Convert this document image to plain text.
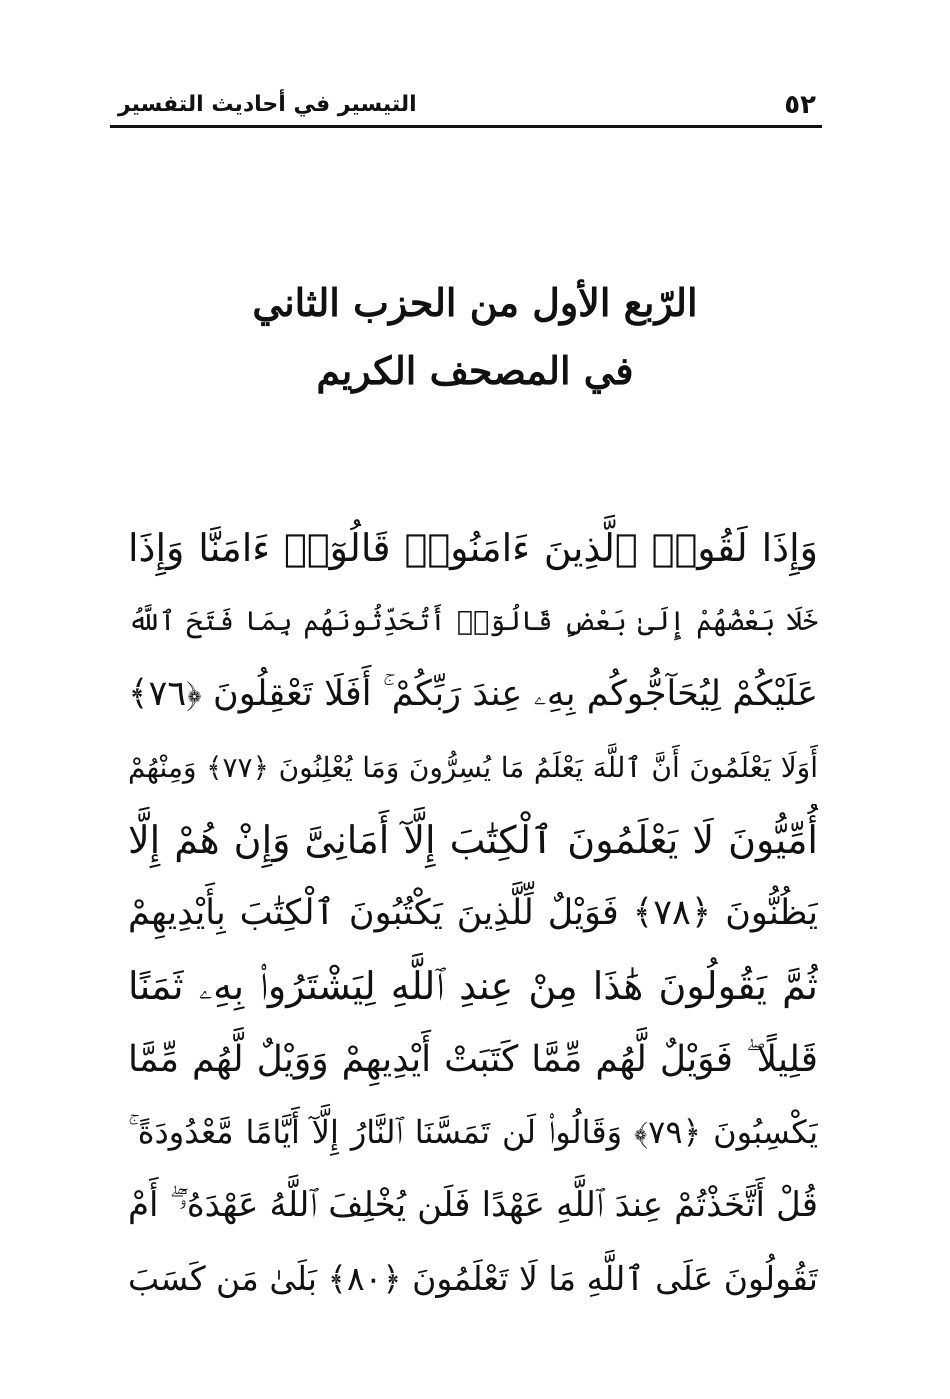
٥٢
التيسير في أحاديث التفسير
الرّبع الأول من الحزب الثاني
في المصحف الكريم
وَإِذَا لَقُوا۟ ٱلَّذِينَ ءَامَنُوا۟ قَالُوٓا۟ ءَامَنَّا وَإِذَا
خَلَا بَعْضُهُمْ إِلَىٰ بَعْضٍ قَالُوٓا۟ أَتُحَدِّثُونَهُم بِمَا فَتَحَ ٱللَّهُ
عَلَيْكُمْ لِيُحَآجُّوكُم بِهِۦ عِندَ رَبِّكُمْ ۚ أَفَلَا تَعْقِلُونَ ﴿٧٦﴾
أَوَلَا يَعْلَمُونَ أَنَّ ٱللَّهَ يَعْلَمُ مَا يُسِرُّونَ وَمَا يُعْلِنُونَ ﴿٧٧﴾ وَمِنْهُمْ
أُمِّيُّونَ لَا يَعْلَمُونَ ٱلْكِتَٰبَ إِلَّآ أَمَانِىَّ وَإِنْ هُمْ إِلَّا
يَظُنُّونَ ﴿٧٨﴾ فَوَيْلٌ لِّلَّذِينَ يَكْتُبُونَ ٱلْكِتَٰبَ بِأَيْدِيهِمْ
ثُمَّ يَقُولُونَ هَٰذَا مِنْ عِندِ ٱللَّهِ لِيَشْتَرُوا۟ بِهِۦ ثَمَنًا
قَلِيلًا ۖ فَوَيْلٌ لَّهُم مِّمَّا كَتَبَتْ أَيْدِيهِمْ وَوَيْلٌ لَّهُم مِّمَّا
يَكْسِبُونَ ﴿٧٩﴾ وَقَالُوا۟ لَن تَمَسَّنَا ٱلنَّارُ إِلَّآ أَيَّامًا مَّعْدُودَةً ۚ
قُلْ أَتَّخَذْتُمْ عِندَ ٱللَّهِ عَهْدًا فَلَن يُخْلِفَ ٱللَّهُ عَهْدَهُۥٓ ۖ أَمْ
تَقُولُونَ عَلَى ٱللَّهِ مَا لَا تَعْلَمُونَ ﴿٨٠﴾ بَلَىٰ مَن كَسَبَ
